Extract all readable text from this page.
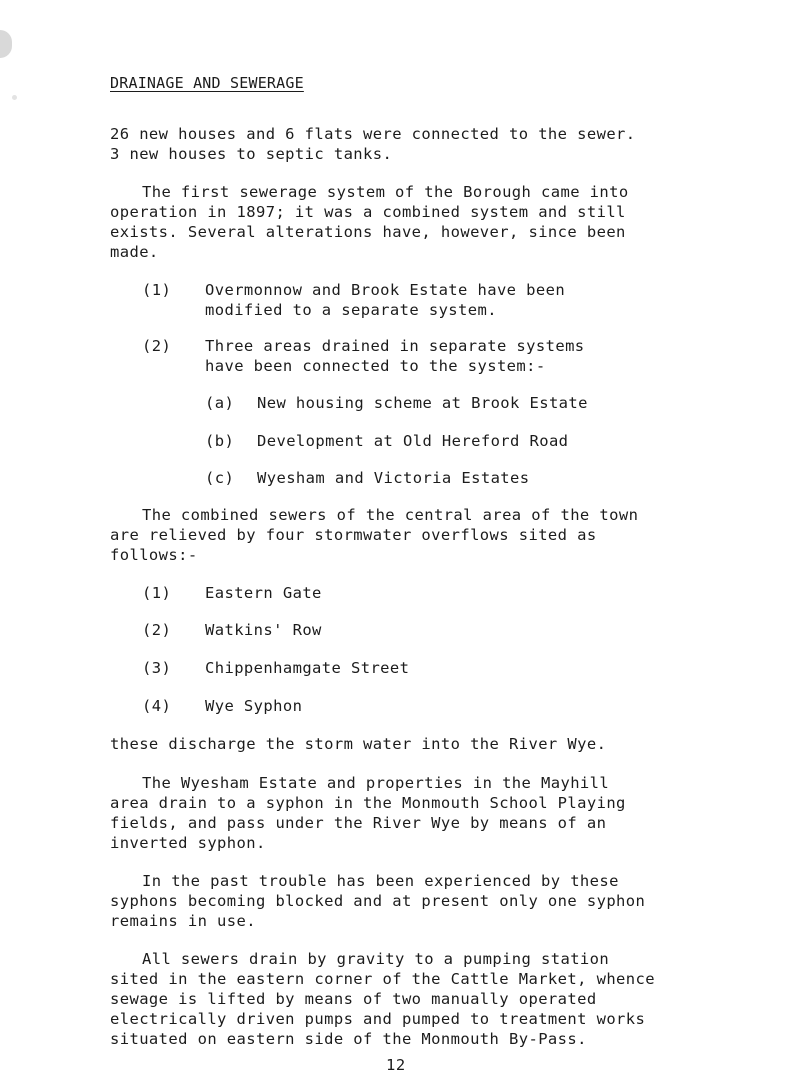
DRAINAGE AND SEWERAGE
26 new houses and 6 flats were connected to the sewer.
3 new houses to septic tanks.
The first sewerage system of the Borough came into
operation in 1897; it was a combined system and still
exists. Several alterations have, however, since been
made.
(1) Overmonnow and Brook Estate have been
modified to a separate system.
(2) Three areas drained in separate systems
have been connected to the system:-
(a) New housing scheme at Brook Estate
(b) Development at Old Hereford Road
(c) Wyesham and Victoria Estates
The combined sewers of the central area of the town
are relieved by four stormwater overflows sited as
follows:-
(1) Eastern Gate
(2) Watkins' Row
(3) Chippenhamgate Street
(4) Wye Syphon
these discharge the storm water into the River Wye.
The Wyesham Estate and properties in the Mayhill
area drain to a syphon in the Monmouth School Playing
fields, and pass under the River Wye by means of an
inverted syphon.
In the past trouble has been experienced by these
syphons becoming blocked and at present only one syphon
remains in use.
All sewers drain by gravity to a pumping station
sited in the eastern corner of the Cattle Market, whence
sewage is lifted by means of two manually operated
electrically driven pumps and pumped to treatment works
situated on eastern side of the Monmouth By-Pass.
12
